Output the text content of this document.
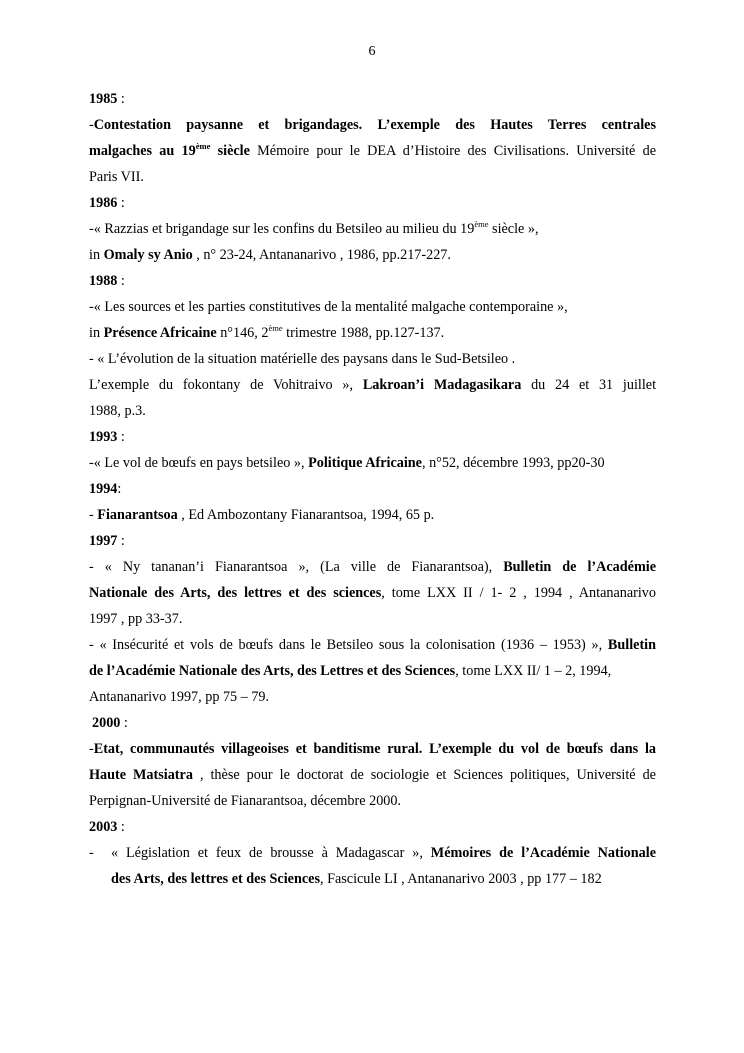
6
1985 :
-Contestation paysanne et brigandages. L’exemple des Hautes Terres centrales
malgaches au 19ème siècle Mémoire pour le DEA d’Histoire des Civilisations. Université de
Paris VII.
1986 :
-« Razzias et brigandage sur les confins du Betsileo au milieu du 19ème siècle »,
in Omaly sy Anio , n° 23-24, Antananarivo , 1986, pp.217-227.
1988 :
-« Les sources et les parties constitutives de la mentalité malgache contemporaine »,
in Présence Africaine n°146, 2ème trimestre 1988, pp.127-137.
- « L’évolution de la situation matérielle des paysans dans le Sud-Betsileo .
L’exemple du fokontany de Vohitraivo », Lakroan’i Madagasikara du 24 et 31 juillet
1988, p.3.
1993 :
-« Le vol de bœufs en pays betsileo », Politique Africaine, n°52, décembre 1993, pp20-30
1994:
- Fianarantsoa , Ed Ambozontany Fianarantsoa, 1994, 65 p.
1997 :
- « Ny tananan’i Fianarantsoa », (La ville de Fianarantsoa), Bulletin de l’Académie
Nationale des Arts, des lettres et des sciences, tome LXX II / 1- 2 , 1994 , Antananarivo
1997 , pp 33-37.
- « Insécurité et vols de bœufs dans le Betsileo sous la colonisation (1936 – 1953) », Bulletin
de l’Académie Nationale des Arts, des Lettres et des Sciences, tome LXX II/ 1 – 2, 1994,
Antananarivo 1997, pp 75 – 79.
2000 :
-Etat, communautés villageoises et banditisme rural. L’exemple du vol de bœufs dans la
Haute Matsiatra , thèse pour le doctorat de sociologie et Sciences politiques, Université de
Perpignan-Université de Fianarantsoa, décembre 2000.
2003 :
-	« Législation et feux de brousse à Madagascar », Mémoires de l’Académie Nationale
des Arts, des lettres et des Sciences, Fascicule LI , Antananarivo 2003 , pp 177 – 182
